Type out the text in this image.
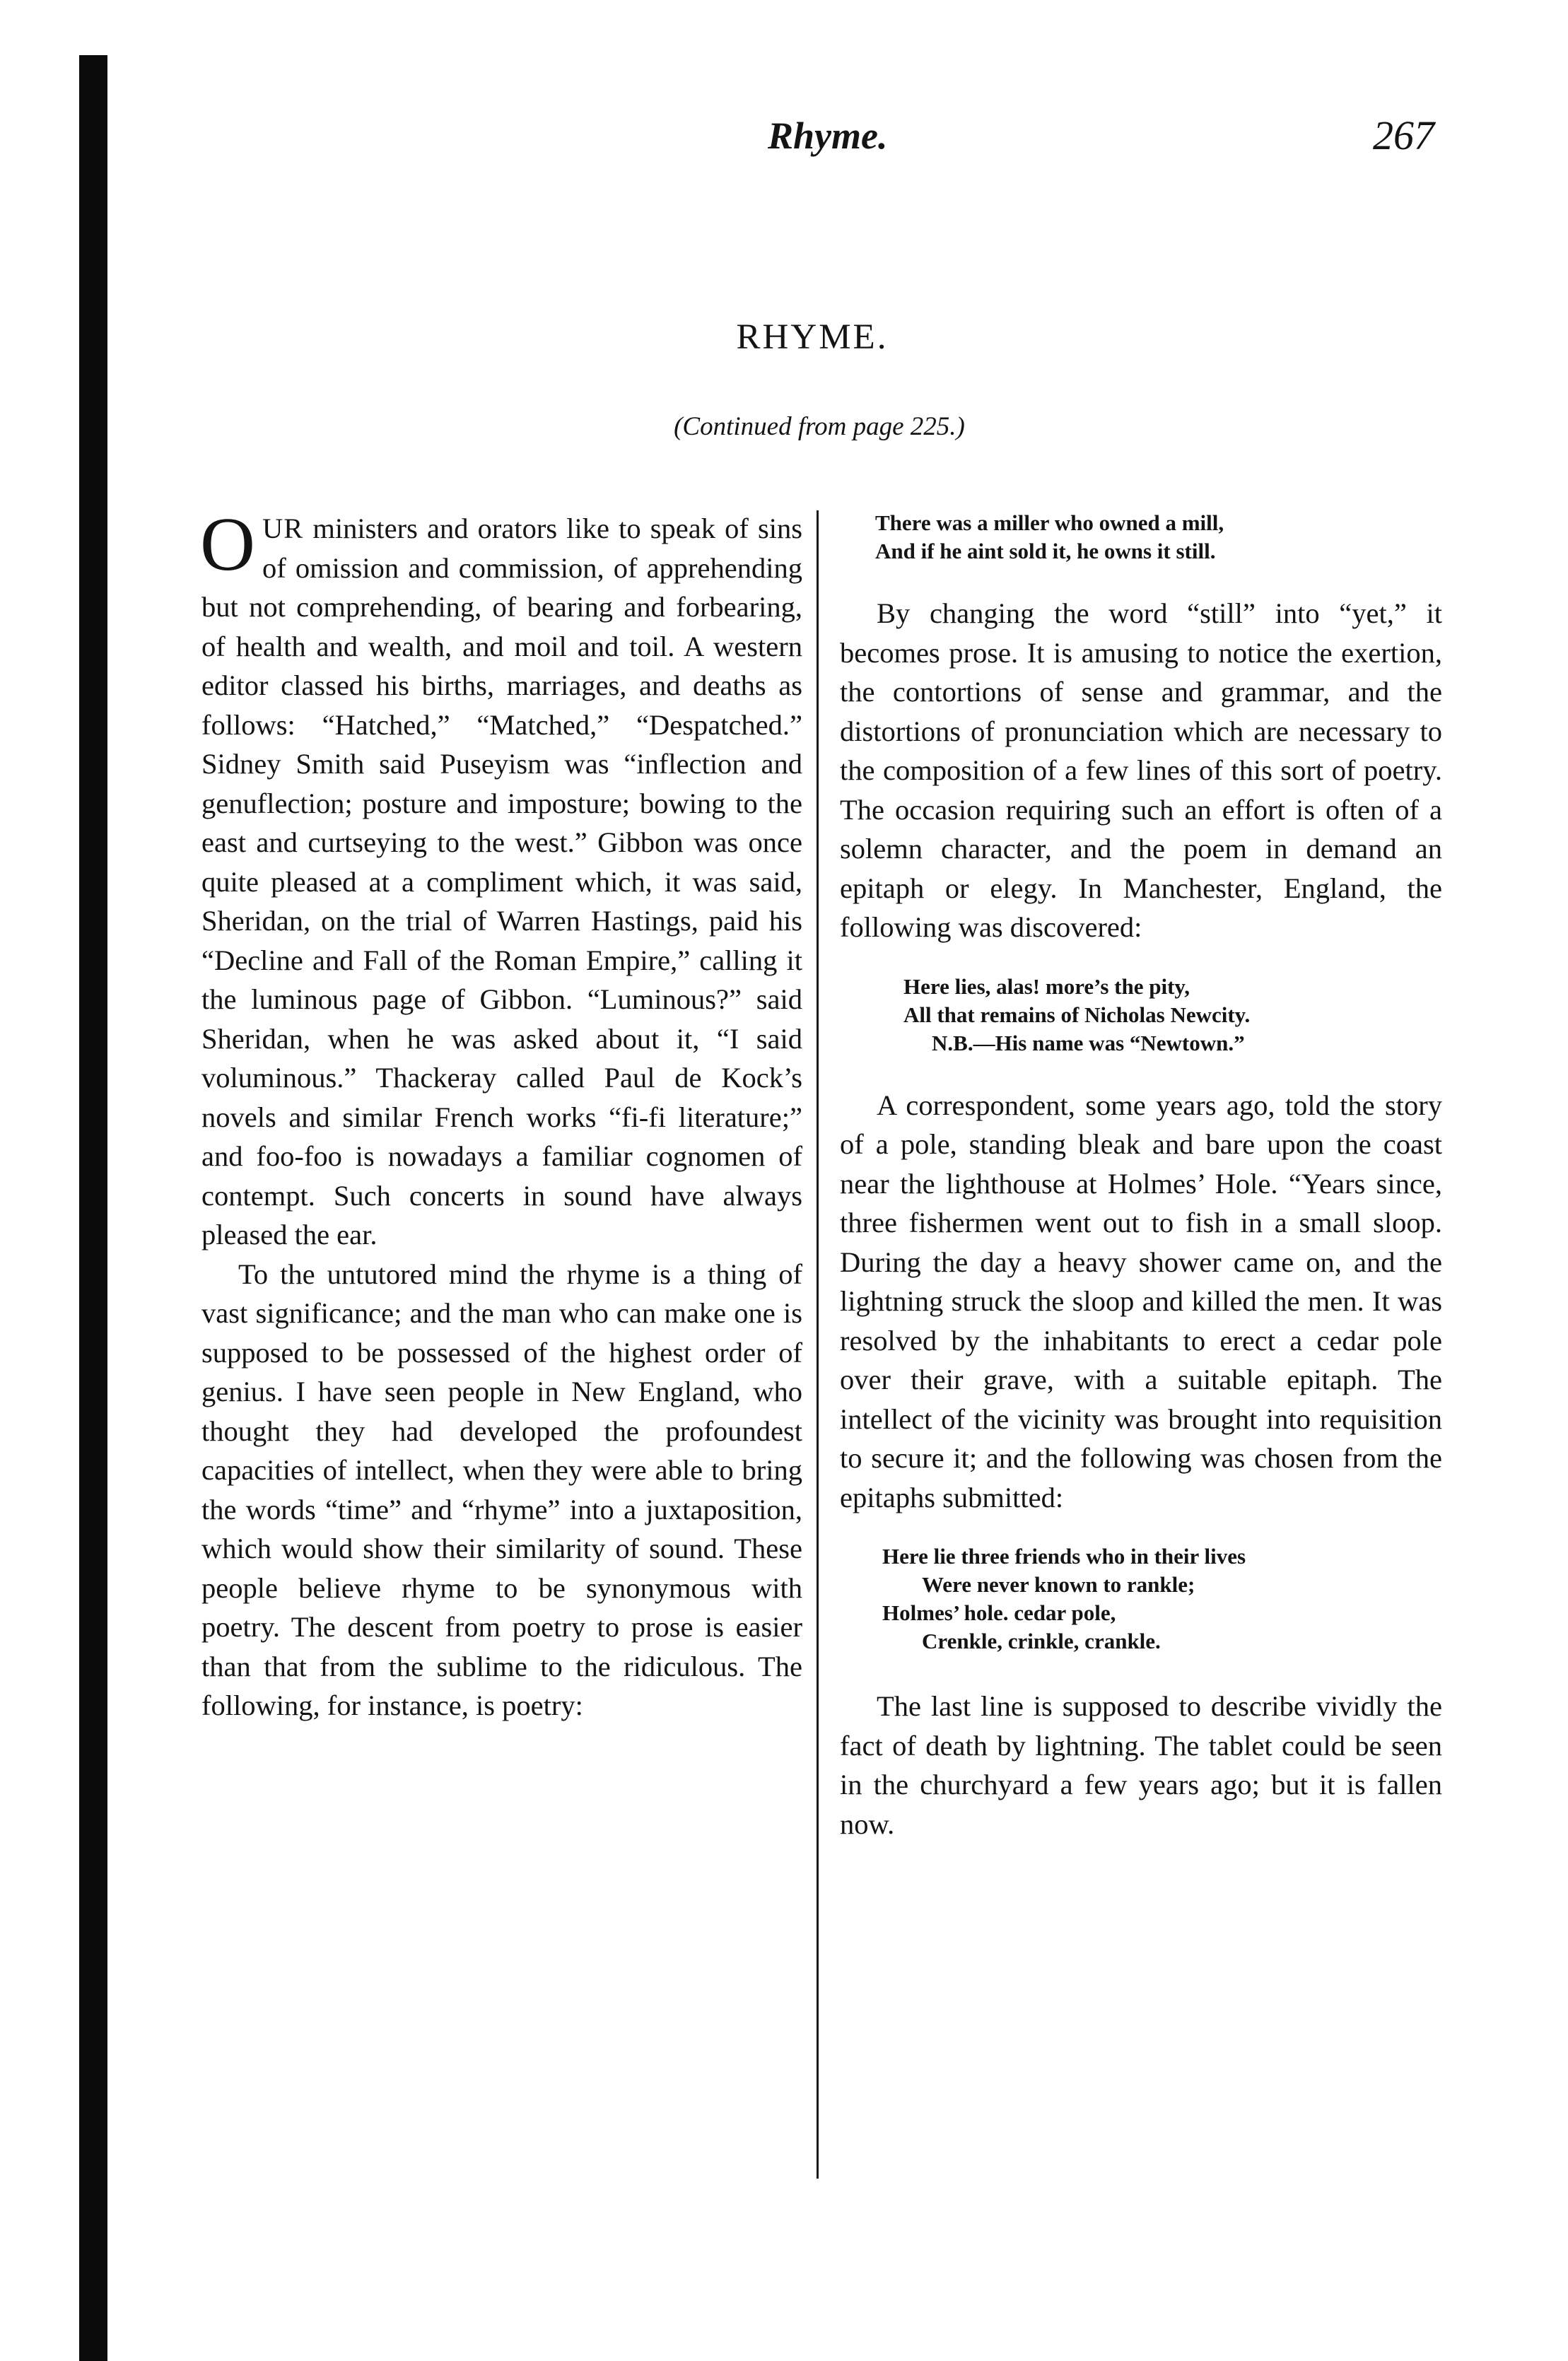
Rhyme.	267
RHYME.
(Continued from page 225.)

OUR ministers and orators like to speak of sins of omission and commission, of apprehending but not comprehending, of bearing and forbearing, of health and wealth, and moil and toil. A western editor classed his births, marriages, and deaths as follows: “Hatched,” “Matched,” “Despatched.” Sidney Smith said Puseyism was “inflection and genuflection; posture and imposture; bowing to the east and curtseying to the west.” Gibbon was once quite pleased at a compliment which, it was said, Sheridan, on the trial of Warren Hastings, paid his “Decline and Fall of the Roman Empire,” calling it the luminous page of Gibbon. “Luminous?” said Sheridan, when he was asked about it, “I said voluminous.” Thackeray called Paul de Kock’s novels and similar French works “fi-fi literature;” and foo-foo is nowadays a familiar cognomen of contempt. Such concerts in sound have always pleased the ear.

To the untutored mind the rhyme is a thing of vast significance; and the man who can make one is supposed to be possessed of the highest order of genius. I have seen people in New England, who thought they had developed the profoundest capacities of intellect, when they were able to bring the words “time” and “rhyme” into a juxtaposition, which would show their similarity of sound. These people believe rhyme to be synonymous with poetry. The descent from poetry to prose is easier than that from the sublime to the ridiculous. The following, for instance, is poetry:

There was a miller who owned a mill,
And if he aint sold it, he owns it still.

By changing the word “still” into “yet,” it becomes prose. It is amusing to notice the exertion, the contortions of sense and grammar, and the distortions of pronunciation which are necessary to the composition of a few lines of this sort of poetry. The occasion requiring such an effort is often of a solemn character, and the poem in demand an epitaph or elegy. In Manchester, England, the following was discovered:

Here lies, alas! more’s the pity,
All that remains of Nicholas Newcity.
N.B.—His name was “Newtown.”

A correspondent, some years ago, told the story of a pole, standing bleak and bare upon the coast near the lighthouse at Holmes’ Hole. “Years since, three fishermen went out to fish in a small sloop. During the day a heavy shower came on, and the lightning struck the sloop and killed the men. It was resolved by the inhabitants to erect a cedar pole over their grave, with a suitable epitaph. The intellect of the vicinity was brought into requisition to secure it; and the following was chosen from the epitaphs submitted:

Here lie three friends who in their lives
Were never known to rankle;
Holmes’ hole. cedar pole,
Crenkle, crinkle, crankle.

The last line is supposed to describe vividly the fact of death by lightning. The tablet could be seen in the churchyard a few years ago; but it is fallen now.
